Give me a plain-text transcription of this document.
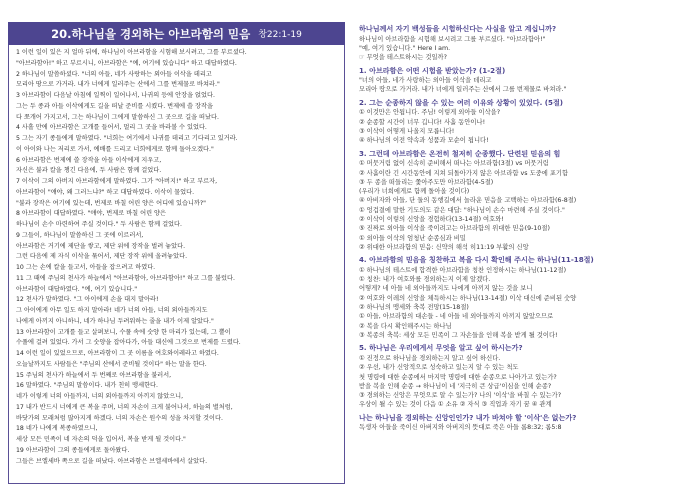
20.하나님을 경외하는 아브라함의 믿음 창22:1-19
1 이런 일이 있은 지 얼마 뒤에, 하나님이 아브라함을 시험해 보시려고, 그를 부르셨다.
"아브라함아!" 하고 부르시니, 아브라함은 "예, 여기에 있습니다" 하고 대답하였다.
2 하나님이 말씀하셨다. "너의 아들, 네가 사랑하는 외아들 이삭을 데리고
모리아 땅으로 가거라. 내가 너에게 일러주는 산에서 그를 번제물로 바쳐라."
3 아브라함이 다음날 아침에 일찍이 일어나서, 나귀의 등에 안장을 얹었다.
그는 두 종과 아들 이삭에게도 길을 떠날 준비를 시켰다. 번제에 쓸 장작을
다 쪼개어 가지고서, 그는 하나님이 그에게 말씀하신 그 곳으로 길을 떠났다.
4 사흘 만에 아브라함은 고개를 들어서, 멀리 그 곳을 바라볼 수 있었다.
5 그는 자기 종들에게 말하였다. "너희는 여기에서 나귀를 데리고 기다리고 있거라.
이 아이와 나는 저리로 가서, 예배를 드리고 너희에게로 함께 돌아오겠다."
6 아브라함은 번제에 쓸 장작을 아들 이삭에게 지우고,
자신은 불과 칼을 챙긴 다음에, 두 사람은 함께 걸었다.
7 이삭이 그의 아버지 아브라함에게 말하였다. 그가 "아버지!" 하고 부르자,
아브라함이 "얘야, 왜 그러느냐?" 하고 대답하였다. 이삭이 물었다.
"불과 장작은 여기에 있는데, 번제로 바칠 어린 양은 어디에 있습니까?"
8 아브라함이 대답하였다. "얘야, 번제로 바칠 어린 양은
하나님이 손수 마련하여 주실 것이다." 두 사람은 함께 걸었다.
9 그들이, 하나님이 말씀하신 그 곳에 이르러서,
아브라함은 거기에 제단을 쌓고, 제단 위에 장작을 벌려 놓았다.
그런 다음에 제 자식 이삭을 묶어서, 제단 장작 위에 올려놓았다.
10 그는 손에 칼을 들고서, 아들을 잡으려고 하였다.
11 그 때에 주님의 천사가 하늘에서 "아브라함아, 아브라함아!" 하고 그를 불렀다.
아브라함이 대답하였다. "예, 여기 있습니다."
12 천사가 말하였다. "그 아이에게 손을 대지 말아라!
그 아이에게 아무 일도 하지 말아라! 네가 너의 아들, 너의 외아들까지도
나에게 아끼지 아니하니, 네가 하나님 두려워하는 줄을 내가 이제 알았다."
13 아브라함이 고개를 들고 살펴보니, 수풀 속에 숫양 한 마리가 있는데, 그 뿔이
수풀에 걸려 있었다. 가서 그 숫양을 잡아다가, 아들 대신에 그것으로 번제를 드렸다.
14 이런 일이 있었으므로, 아브라함이 그 곳 이름을 여호와이레라고 하였다.
오늘날까지도 사람들은 "주님의 산에서 준비될 것이다" 하는 말을 한다.
15 주님의 천사가 하늘에서 두 번째로 아브라함을 불러서,
16 말하였다. "주님의 말씀이다. 내가 친히 맹세한다.
네가 이렇게 너의 아들까지, 너의 외아들까지 아끼지 않았으니,
17 내가 반드시 너에게 큰 복을 주며, 너의 자손이 크게 불어나서, 하늘의 별처럼,
바닷가의 모래처럼 많아지게 하겠다. 너의 자손은 원수의 성을 차지할 것이다.
18 네가 나에게 복종하였으니,
세상 모든 민족이 네 자손의 덕을 입어서, 복을 받게 될 것이다."
19 아브라함이 그의 종들에게로 돌아왔다.
그들은 브엘세바 쪽으로 길을 떠났다. 아브라함은 브엘세바에서 살았다.
하나님께서 자기 백성들을 시험하신다는 사실을 알고 계십니까?
하나님이 아브라함을 시험해 보시려고 그를 부르셨다. "아브라함아!"
"예, 여기 있습니다." Here I am.
☞ 무엇을 테스트하시는 것일까?
1. 아브라함은 어떤 시험을 받았는가? (1-2절)
"너의 아들, 네가 사랑하는 외아들 이삭을 데리고
모리아 땅으로 가거라. 내가 너에게 일러주는 산에서 그를 번제물로 바쳐라."
2. 그는 순종하지 않을 수 있는 여러 이유와 상황이 있었다. (5절)
① 이것만은 안됩니다. 주님! 이렇게 외아들 이삭을?
② 순종할 시간이 너무 깁니다! 사흘 동안이나!
③ 이삭이 어떻게 나올지 모릅니다!
④ 하나님의 이전 약속과 성품과 모순이 됩니다!
3. 그런데 아브라함은 온전히 철저히 순종했다. 단련된 믿음의 힘
① 머뭇거림 없이 신속히 준비해서 떠나는 아브라함(3절) vs 머뭇거림
② 사흘이란 긴 시간동안에 지쳐 되돌아가지 않은 아브라함 vs 도중에 포기함
③ 두 종을 떠들리는 쫓아주도만 아브라함(4-5절)
(우리가 너희에게로 함께 돌아올 것이다)
④ 아비자와 아들, 단 둘의 동행길에서 놀라운 믿음을 고백하는 아브라함(6-8절)
① 엉겁결에 말한 기도의도 같은 대답: "하나님이 손수 마련해 주실 것이다."
② 이삭이 이렇의 신앙을 경험하다(13-14절) 여호와!
⑤ 진짜로 외아들 이삭을 죽이려고는 아브라함의 위대한 믿음(9-10절)
① 외아들 이삭의 엄청난 순종심과 비밀
② 위대한 아브라함의 믿음: 신약의 해석 히11:19 부활의 신앙
4. 아브라함의 믿음을 칭찬하고 복을 다시 확인해 주시는 하나님(11-18절)
① 하나님의 테스트에 합격한 아브라함을 칭찬 인정하시는 하나님(11-12절)
① 칭찬: 내가 여호와를 경외하는지 이제 알겠다.
어떻게? 네 아들 네 외아들까지도 나에게 아끼지 않는 것을 보니
② 여호와 이레의 신앙을 체득하시는 하나님(13-14절) 이삭 대신에 준비된 숫양
② 하나님의 맹세와 축복 전망(15-18절)
① 아들, 아브라함의 대손들 - 네 아들 네 외아들까지 아끼지 않았으므로
② 복을 다시 확인해주시는 하나님
③ 복종의 축복: 세상 모든 민족이 그 자손들을 인해 복을 받게 될 것이다!
5. 하나님은 우리에게서 무엇을 알고 싶어 하시는가?
① 진정으로 하나님을 경외하는지 알고 싶어 하신다.
② 우선, 내가 신앙적으로 성숙하고 있는지 알 수 있는 척도
첫 명령에 대한 순종에서 마지막 명령에 대한 순종으로 나아가고 있는가?
받을 복을 인해 순종 → 하나님이 네 '지극히 큰 상급'이심을 인해 순종?
③ 경외하는 신앙은 무엇으로 알 수 있는가? 나의 '이삭'을 바칠 수 있는가?
우상이 될 수 있는 것이 다음 ① 소유 ② 자식 ③ 직업과 자기 꿈 ④ 관계
나는 하나님을 경외하는 신앙인인가? 내가 바쳐야 할 '이삭'은 없는가?
독생자 아들을 죽이신 아버지와 아버지의 뜻대로 죽은 아들 롬8:32; 롬5:8
